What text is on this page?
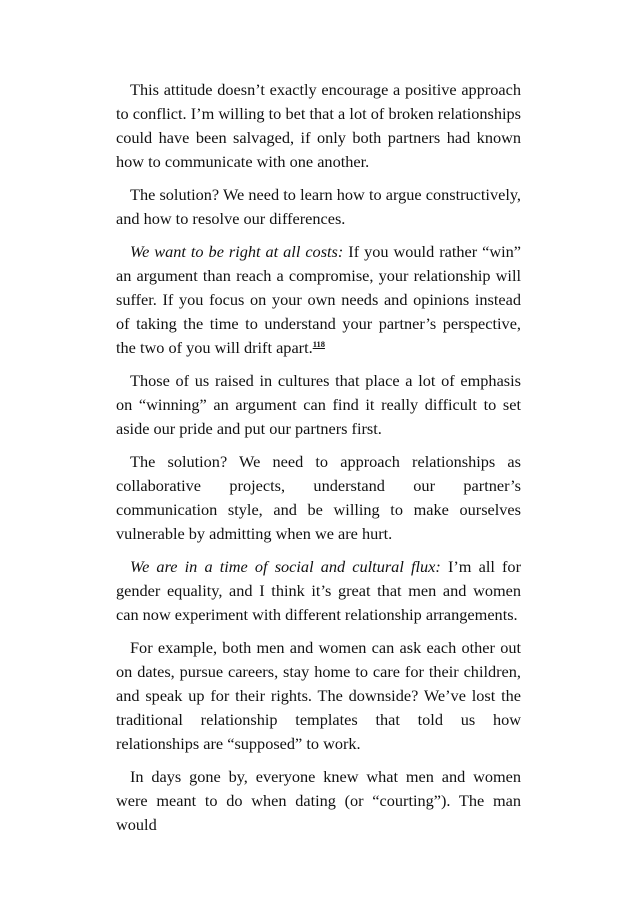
This attitude doesn’t exactly encourage a positive approach to conflict. I’m willing to bet that a lot of broken relationships could have been salvaged, if only both partners had known how to communicate with one another.

The solution? We need to learn how to argue constructively, and how to resolve our differences.

We want to be right at all costs: If you would rather “win” an argument than reach a compromise, your relationship will suffer. If you focus on your own needs and opinions instead of taking the time to understand your partner’s perspective, the two of you will drift apart.$^{118}$

Those of us raised in cultures that place a lot of emphasis on “winning” an argument can find it really difficult to set aside our pride and put our partners first.

The solution? We need to approach relationships as collaborative projects, understand our partner’s communication style, and be willing to make ourselves vulnerable by admitting when we are hurt.

We are in a time of social and cultural flux: I’m all for gender equality, and I think it’s great that men and women can now experiment with different relationship arrangements.

For example, both men and women can ask each other out on dates, pursue careers, stay home to care for their children, and speak up for their rights. The downside? We’ve lost the traditional relationship templates that told us how relationships are “supposed” to work.

In days gone by, everyone knew what men and women were meant to do when dating (or “courting”). The man would
